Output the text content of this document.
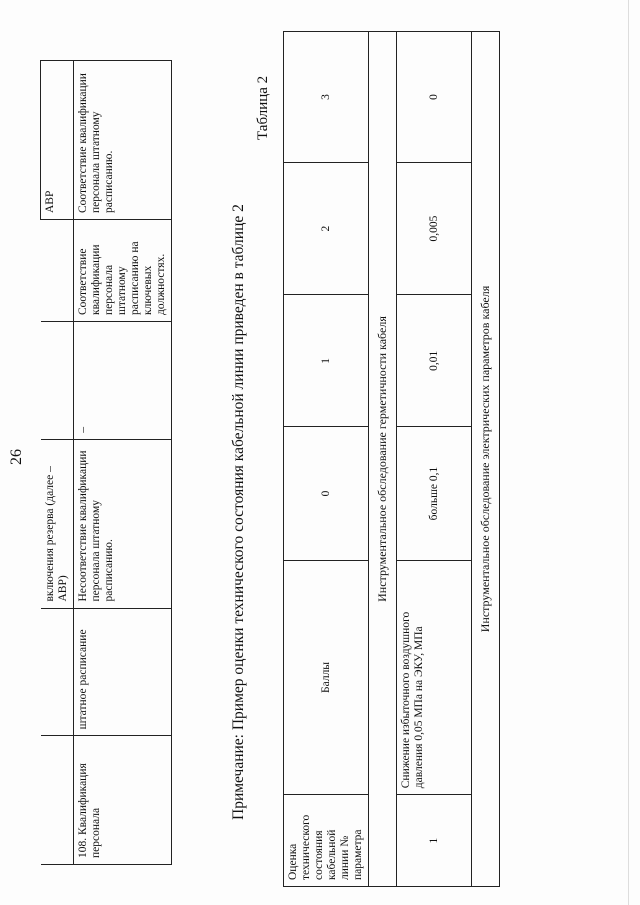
26
		включения резерва (далее – АВР)			АВР
108. Квалификация персонала	штатное расписание	Несоответствие квалификации персонала штатному расписанию.	–	Соответствие квалификации персонала штатному расписанию на ключевых должностях.	Соответствие квалификации персонала штатному расписанию.
Примечание: Пример оценки технического состояния кабельной линии приведен в таблице 2
Таблица 2
Оценка технического состояния кабельной линии № параметра	Баллы	0	1	2	3
Инструментальное обследование герметичности кабеля					
1	Снижение избыточного воздушного давления 0,05 МПа на ЭКУ, МПа	больше 0,1	0,01	0,005	0
Инструментальное обследование электрических параметров кабеля					
